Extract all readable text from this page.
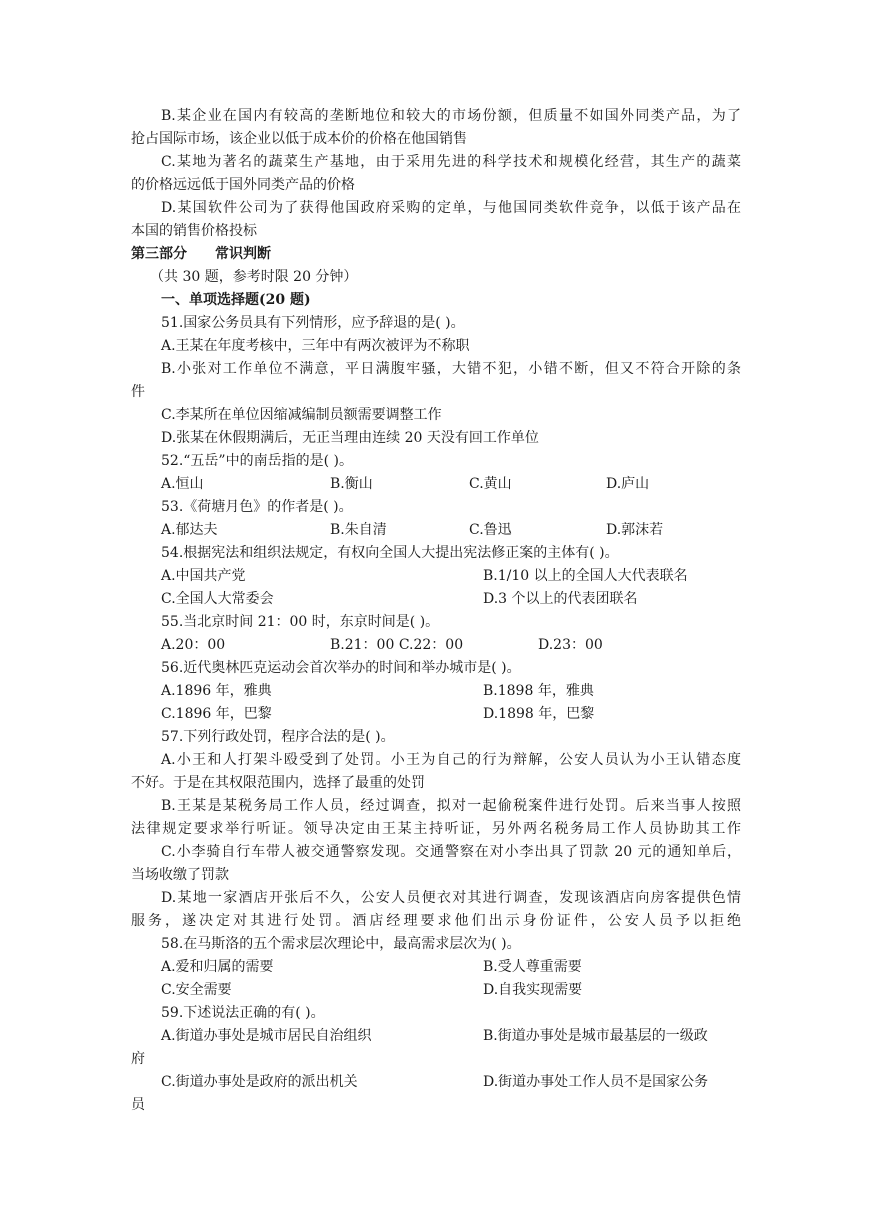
B.某企业在国内有较高的垄断地位和较大的市场份额，但质量不如国外同类产品，为了
抢占国际市场，该企业以低于成本价的价格在他国销售
C.某地为著名的蔬菜生产基地，由于采用先进的科学技术和规模化经营，其生产的蔬菜
的价格远远低于国外同类产品的价格
D.某国软件公司为了获得他国政府采购的定单，与他国同类软件竞争，以低于该产品在
本国的销售价格投标
第三部分　　常识判断
（共 30 题，参考时限 20 分钟）
一、单项选择题(20 题)
51.国家公务员具有下列情形，应予辞退的是( )。
A.王某在年度考核中，三年中有两次被评为不称职
B.小张对工作单位不满意，平日满腹牢骚，大错不犯，小错不断，但又不符合开除的条
件
C.李某所在单位因缩减编制员额需要调整工作
D.张某在休假期满后，无正当理由连续 20 天没有回工作单位
52.“五岳”中的南岳指的是( )。
A.恒山	B.衡山	C.黄山	D.庐山
53.《荷塘月色》的作者是( )。
A.郁达夫	B.朱自清	C.鲁迅	D.郭沫若
54.根据宪法和组织法规定，有权向全国人大提出宪法修正案的主体有( )。
A.中国共产党	B.1/10 以上的全国人大代表联名
C.全国人大常委会	D.3 个以上的代表团联名
55.当北京时间 21：00 时，东京时间是( )。
A.20：00	B.21：00 C.22：00	D.23：00
56.近代奥林匹克运动会首次举办的时间和举办城市是( )。
A.1896 年，雅典	B.1898 年，雅典
C.1896 年，巴黎	D.1898 年，巴黎
57.下列行政处罚，程序合法的是( )。
A.小王和人打架斗殴受到了处罚。小王为自己的行为辩解，公安人员认为小王认错态度
不好。于是在其权限范围内，选择了最重的处罚
B.王某是某税务局工作人员，经过调查，拟对一起偷税案件进行处罚。后来当事人按照
法律规定要求举行听证。领导决定由王某主持听证，另外两名税务局工作人员协助其工作
C.小李骑自行车带人被交通警察发现。交通警察在对小李出具了罚款 20 元的通知单后，
当场收缴了罚款
D.某地一家酒店开张后不久，公安人员便衣对其进行调查，发现该酒店向房客提供色情
服务，遂决定对其进行处罚。酒店经理要求他们出示身份证件，公安人员予以拒绝
58.在马斯洛的五个需求层次理论中，最高需求层次为( )。
A.爱和归属的需要	B.受人尊重需要
C.安全需要	D.自我实现需要
59.下述说法正确的有( )。
A.街道办事处是城市居民自治组织	B.街道办事处是城市最基层的一级政
府
C.街道办事处是政府的派出机关	D.街道办事处工作人员不是国家公务
员
